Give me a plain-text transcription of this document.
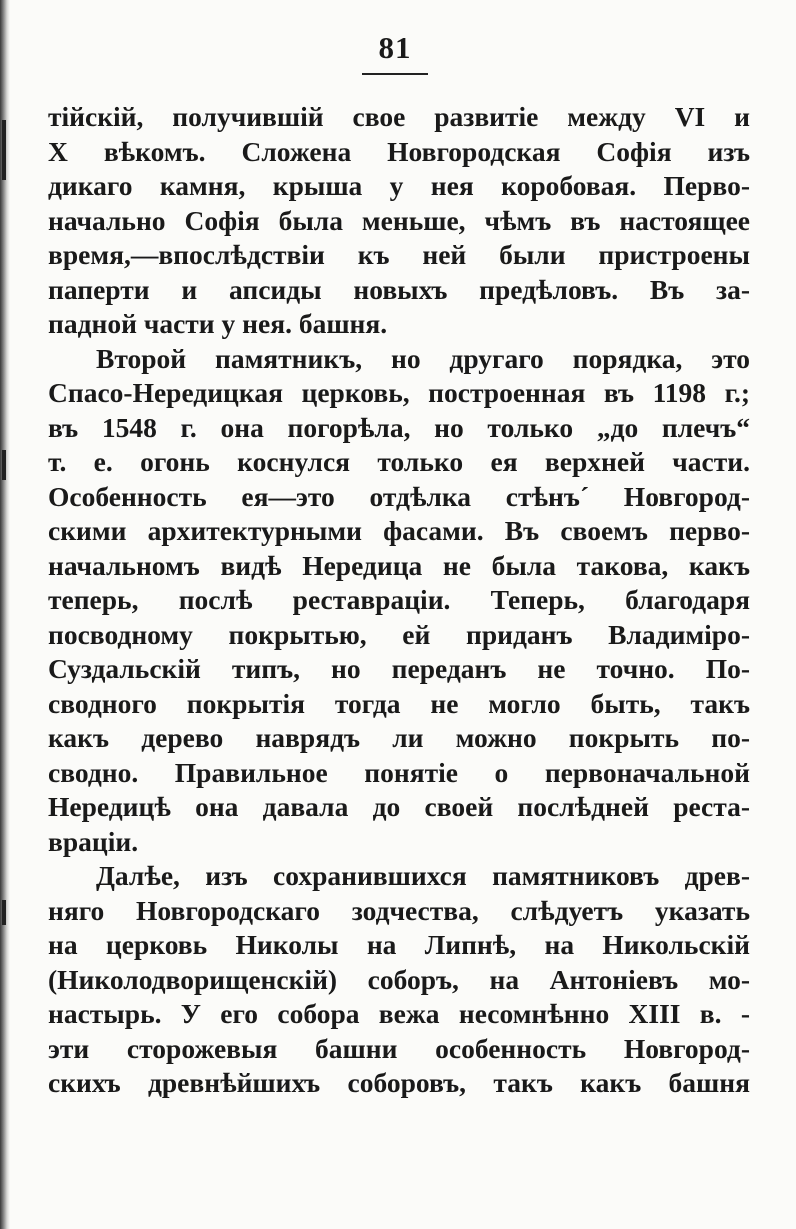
81
тійскій, получившій свое развитіе между VI и
X вѣкомъ. Сложена Новгородская Софія изъ
дикаго камня, крыша у нея коробовая. Перво-
начально Софія была меньше, чѣмъ въ настоящее
время,—впослѣдствіи къ ней были пристроены
паперти и апсиды новыхъ предѣловъ. Въ за-
падной части у нея. башня.
Второй памятникъ, но другаго порядка, это
Спасо-Нередицкая церковь, построенная въ 1198 г.;
въ 1548 г. она погорѣла, но только „до плечъ“
т. е. огонь коснулся только ея верхней части.
Особенность ея—это отдѣлка стѣнъ´ Новгород-
скими архитектурными фасами. Въ своемъ перво-
начальномъ видѣ Нередица не была такова, какъ
теперь, послѣ реставраціи. Теперь, благодаря
посводному покрытью, ей приданъ Владиміро-
Суздальскій типъ, но переданъ не точно. По-
сводного покрытія тогда не могло быть, такъ
какъ дерево наврядъ ли можно покрыть по-
сводно. Правильное понятіе о первоначальной
Нередицѣ она давала до своей послѣдней реста-
враціи.
Далѣе, изъ сохранившихся памятниковъ древ-
няго Новгородскаго зодчества, слѣдуетъ указать
на церковь Николы на Липнѣ, на Никольскій
(Николодворищенскій) соборъ, на Антоніевъ мо-
настырь. У его собора вежа несомнѣнно XIII в. -
эти сторожевыя башни особенность Новгород-
скихъ древнѣйшихъ соборовъ, такъ какъ башня
